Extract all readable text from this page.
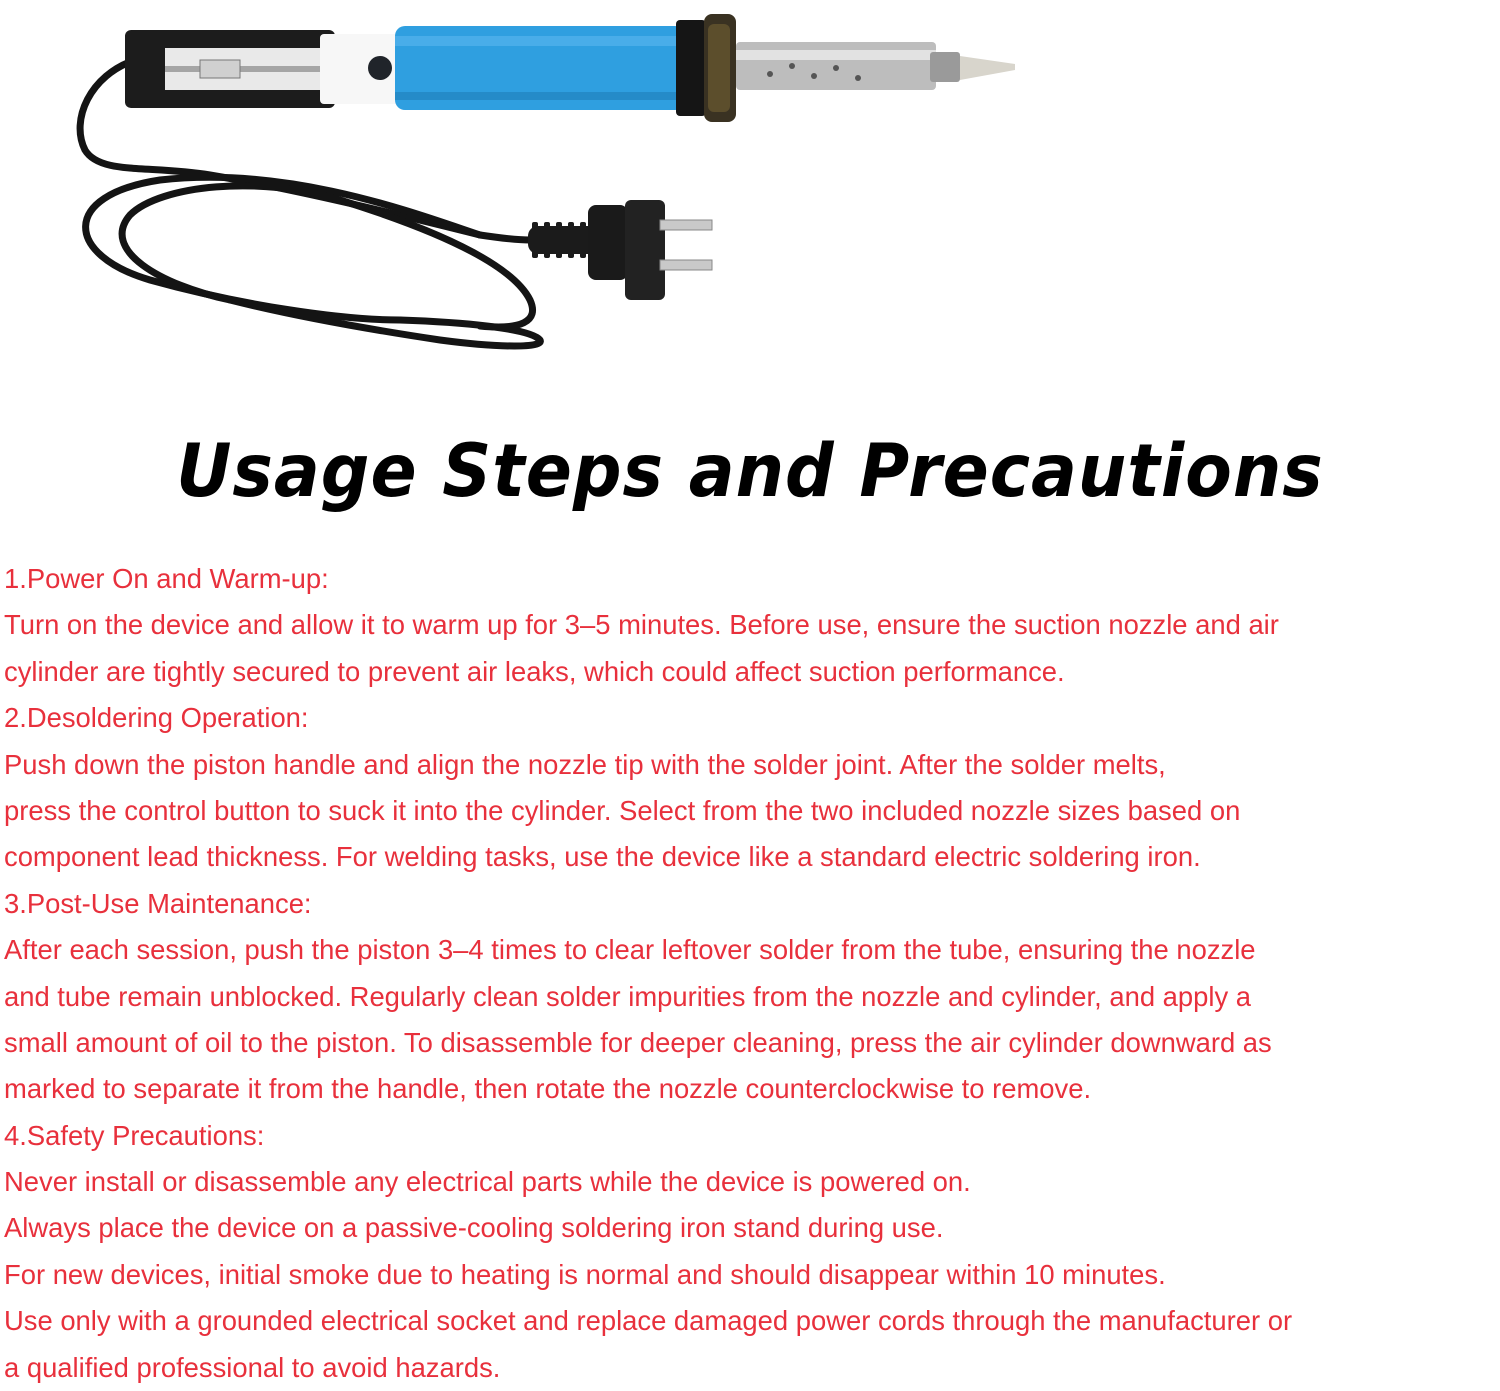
Usage Steps and Precautions
1.Power On and Warm-up:
Turn on the device and allow it to warm up for 3–5 minutes. Before use, ensure the suction nozzle and air
cylinder are tightly secured to prevent air leaks, which could affect suction performance.
2.Desoldering Operation:
Push down the piston handle and align the nozzle tip with the solder joint. After the solder melts,
press the control button to suck it into the cylinder. Select from the two included nozzle sizes based on
component lead thickness. For welding tasks, use the device like a standard electric soldering iron.
3.Post-Use Maintenance:
After each session, push the piston 3–4 times to clear leftover solder from the tube, ensuring the nozzle
and tube remain unblocked. Regularly clean solder impurities from the nozzle and cylinder, and apply a
small amount of oil to the piston. To disassemble for deeper cleaning, press the air cylinder downward as
marked to separate it from the handle, then rotate the nozzle counterclockwise to remove.
4.Safety Precautions:
Never install or disassemble any electrical parts while the device is powered on.
Always place the device on a passive-cooling soldering iron stand during use.
For new devices, initial smoke due to heating is normal and should disappear within 10 minutes.
Use only with a grounded electrical socket and replace damaged power cords through the manufacturer or
a qualified professional to avoid hazards.
